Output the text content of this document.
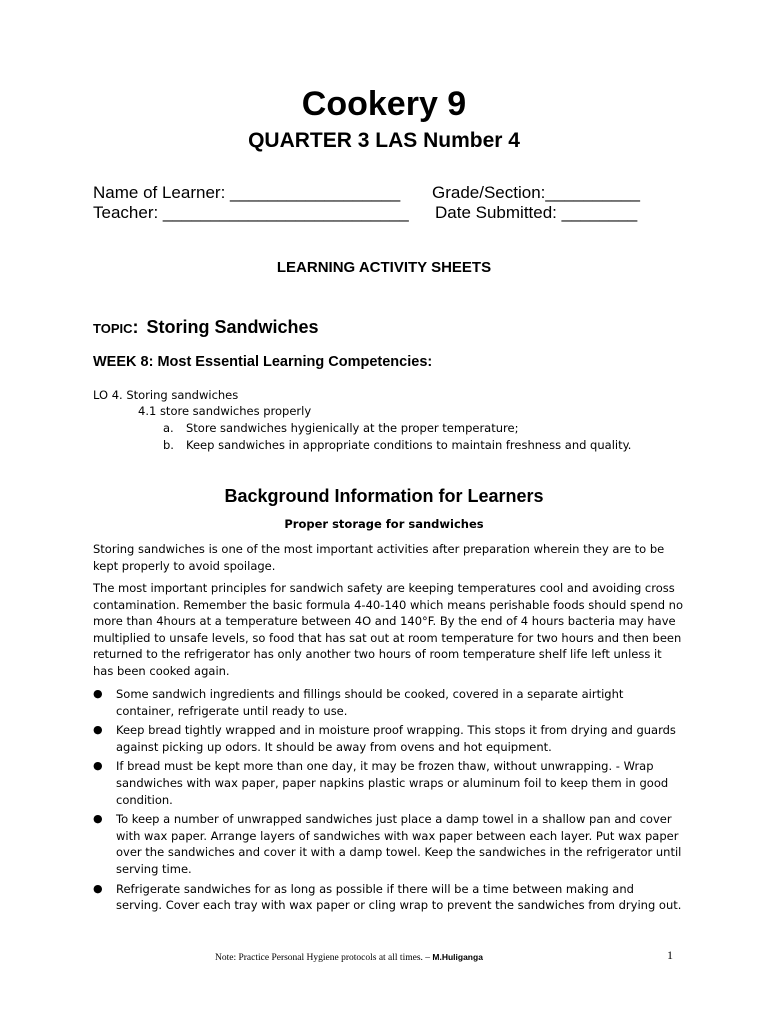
Cookery 9
QUARTER 3 LAS Number 4
Name of Learner: __________________ Grade/Section:__________
Teacher: __________________________ Date Submitted: ________
LEARNING ACTIVITY SHEETS
TOPIC: Storing Sandwiches
WEEK 8: Most Essential Learning Competencies:
LO 4. Storing sandwiches
4.1 store sandwiches properly
a. Store sandwiches hygienically at the proper temperature;
b. Keep sandwiches in appropriate conditions to maintain freshness and quality.
Background Information for Learners
Proper storage for sandwiches
Storing sandwiches is one of the most important activities after preparation wherein they are to be kept properly to avoid spoilage.
The most important principles for sandwich safety are keeping temperatures cool and avoiding cross contamination. Remember the basic formula 4-40-140 which means perishable foods should spend no more than 4hours at a temperature between 4O and 140°F. By the end of 4 hours bacteria may have multiplied to unsafe levels, so food that has sat out at room temperature for two hours and then been returned to the refrigerator has only another two hours of room temperature shelf life left unless it has been cooked again.
● Some sandwich ingredients and fillings should be cooked, covered in a separate airtight container, refrigerate until ready to use.
● Keep bread tightly wrapped and in moisture proof wrapping. This stops it from drying and guards against picking up odors. It should be away from ovens and hot equipment.
● If bread must be kept more than one day, it may be frozen thaw, without unwrapping. - Wrap sandwiches with wax paper, paper napkins plastic wraps or aluminum foil to keep them in good condition.
● To keep a number of unwrapped sandwiches just place a damp towel in a shallow pan and cover with wax paper. Arrange layers of sandwiches with wax paper between each layer. Put wax paper over the sandwiches and cover it with a damp towel. Keep the sandwiches in the refrigerator until serving time.
● Refrigerate sandwiches for as long as possible if there will be a time between making and serving. Cover each tray with wax paper or cling wrap to prevent the sandwiches from drying out.
Note: Practice Personal Hygiene protocols at all times. – M.Huliganga	1
